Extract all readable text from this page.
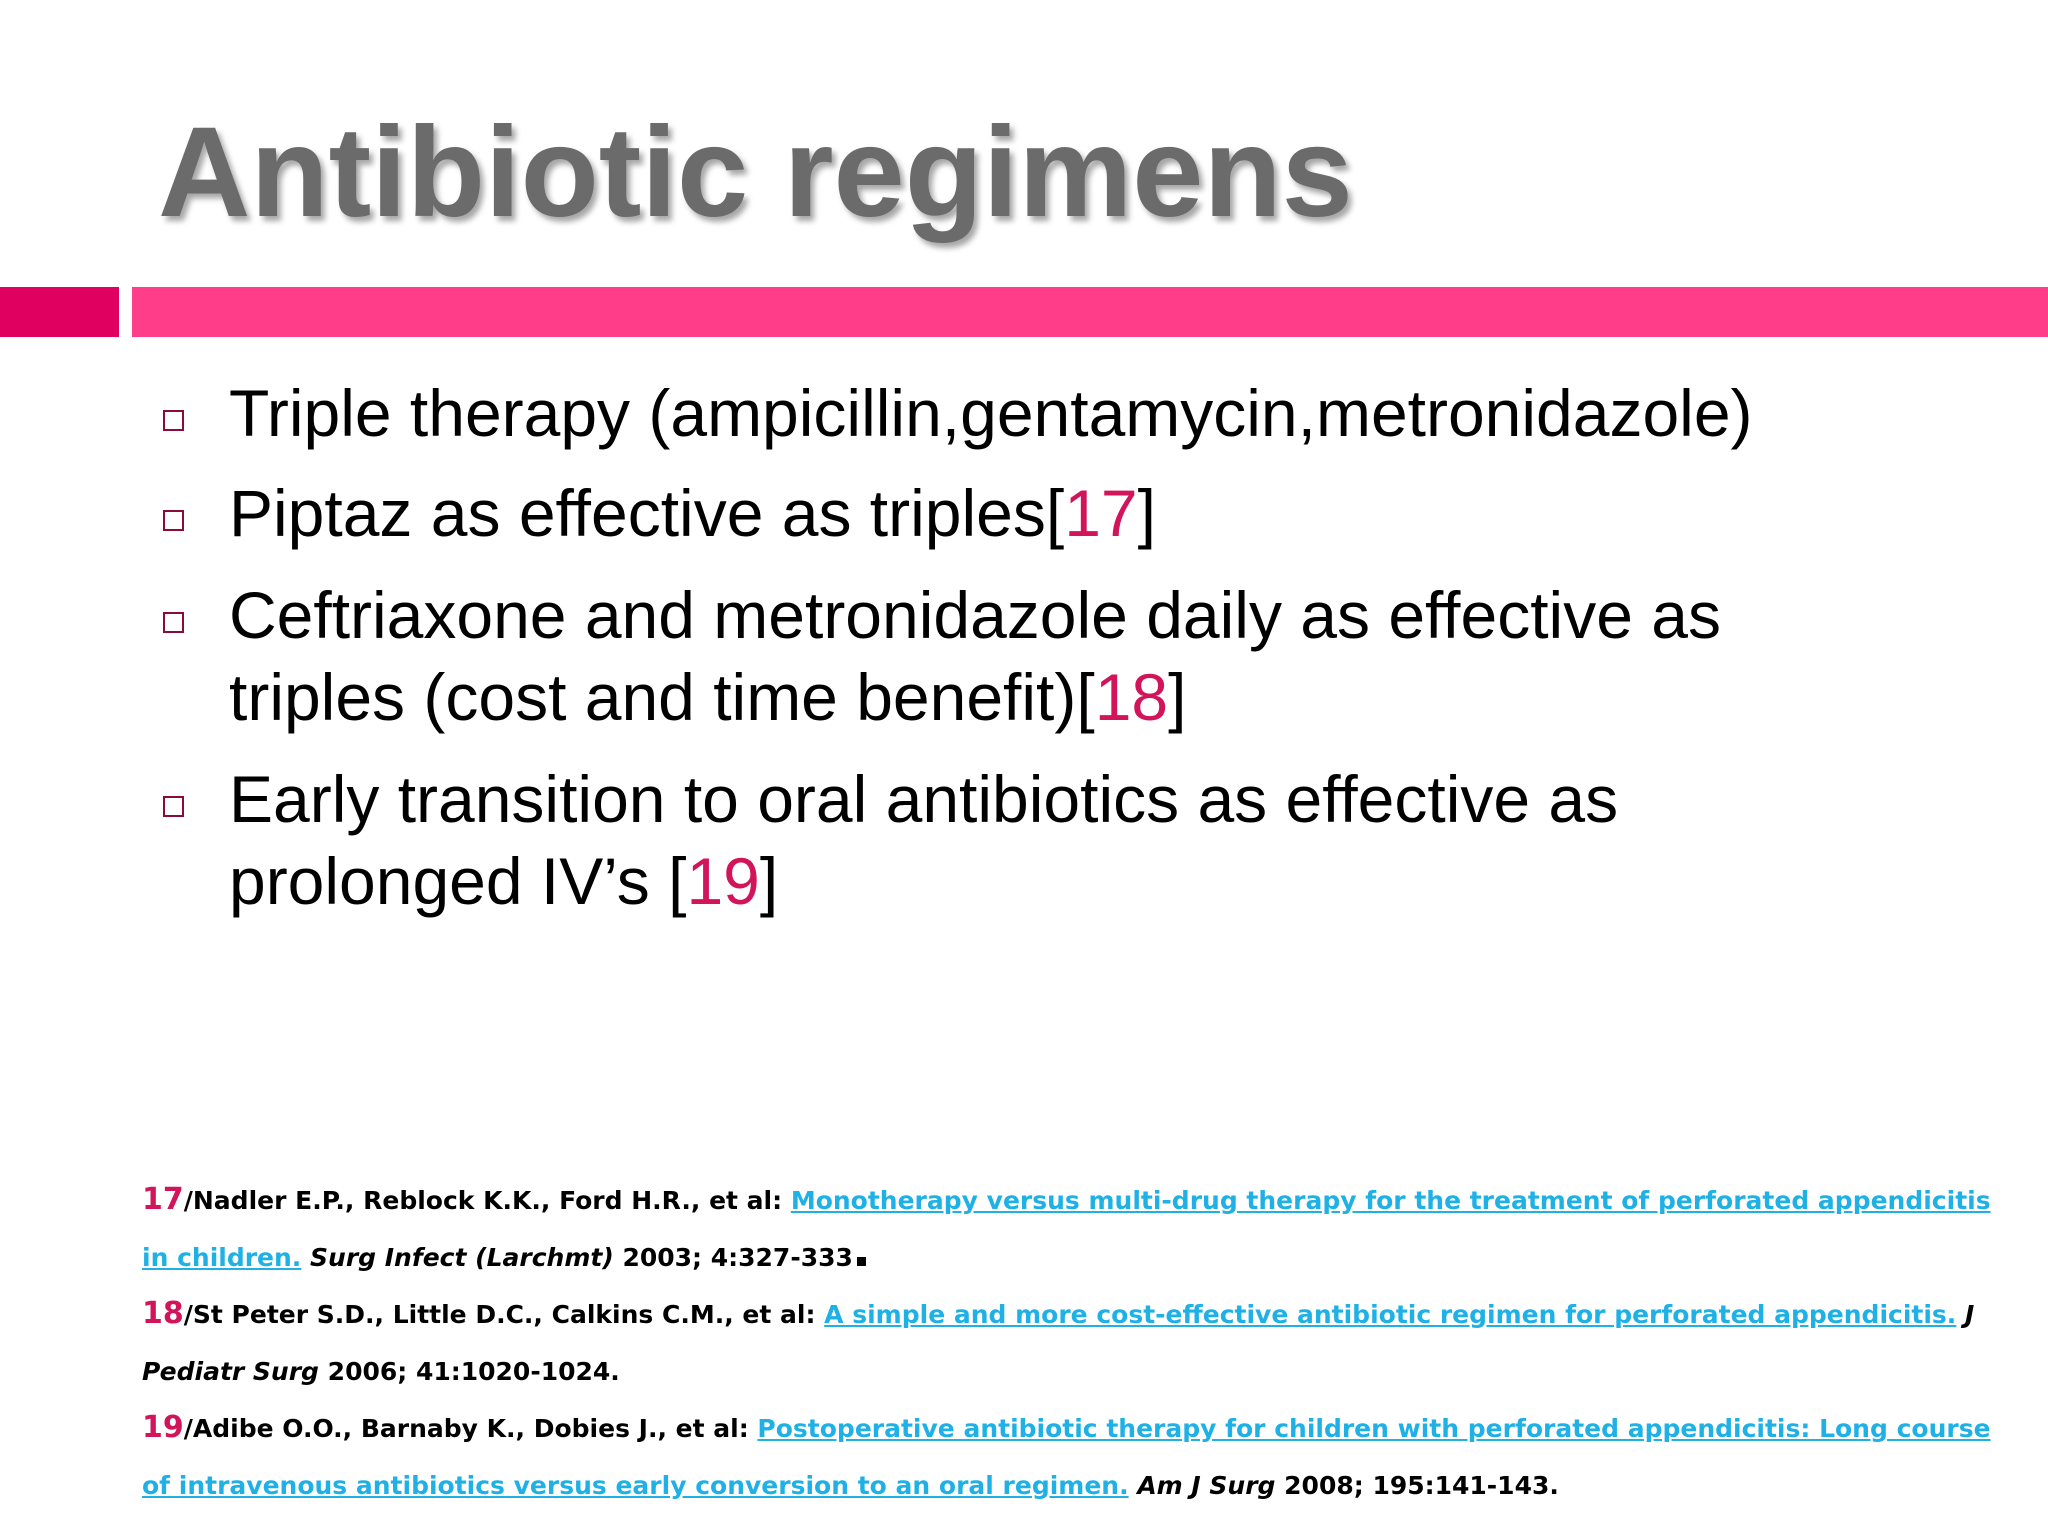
Antibiotic regimens
Triple therapy (ampicillin,gentamycin,metronidazole)
Piptaz as effective as triples[17]
Ceftriaxone and metronidazole daily as effective as
triples (cost and time benefit)[18]
Early transition to oral antibiotics as effective as
prolonged IV’s [19]
17/Nadler E.P., Reblock K.K., Ford H.R., et al: Monotherapy versus multi-drug therapy for the treatment of perforated appendicitis in children. Surg Infect (Larchmt) 2003; 4:327-333
18/St Peter S.D., Little D.C., Calkins C.M., et al: A simple and more cost-effective antibiotic regimen for perforated appendicitis. J Pediatr Surg 2006; 41:1020-1024.
19/Adibe O.O., Barnaby K., Dobies J., et al: Postoperative antibiotic therapy for children with perforated appendicitis: Long course of intravenous antibiotics versus early conversion to an oral regimen. Am J Surg 2008; 195:141-143.
